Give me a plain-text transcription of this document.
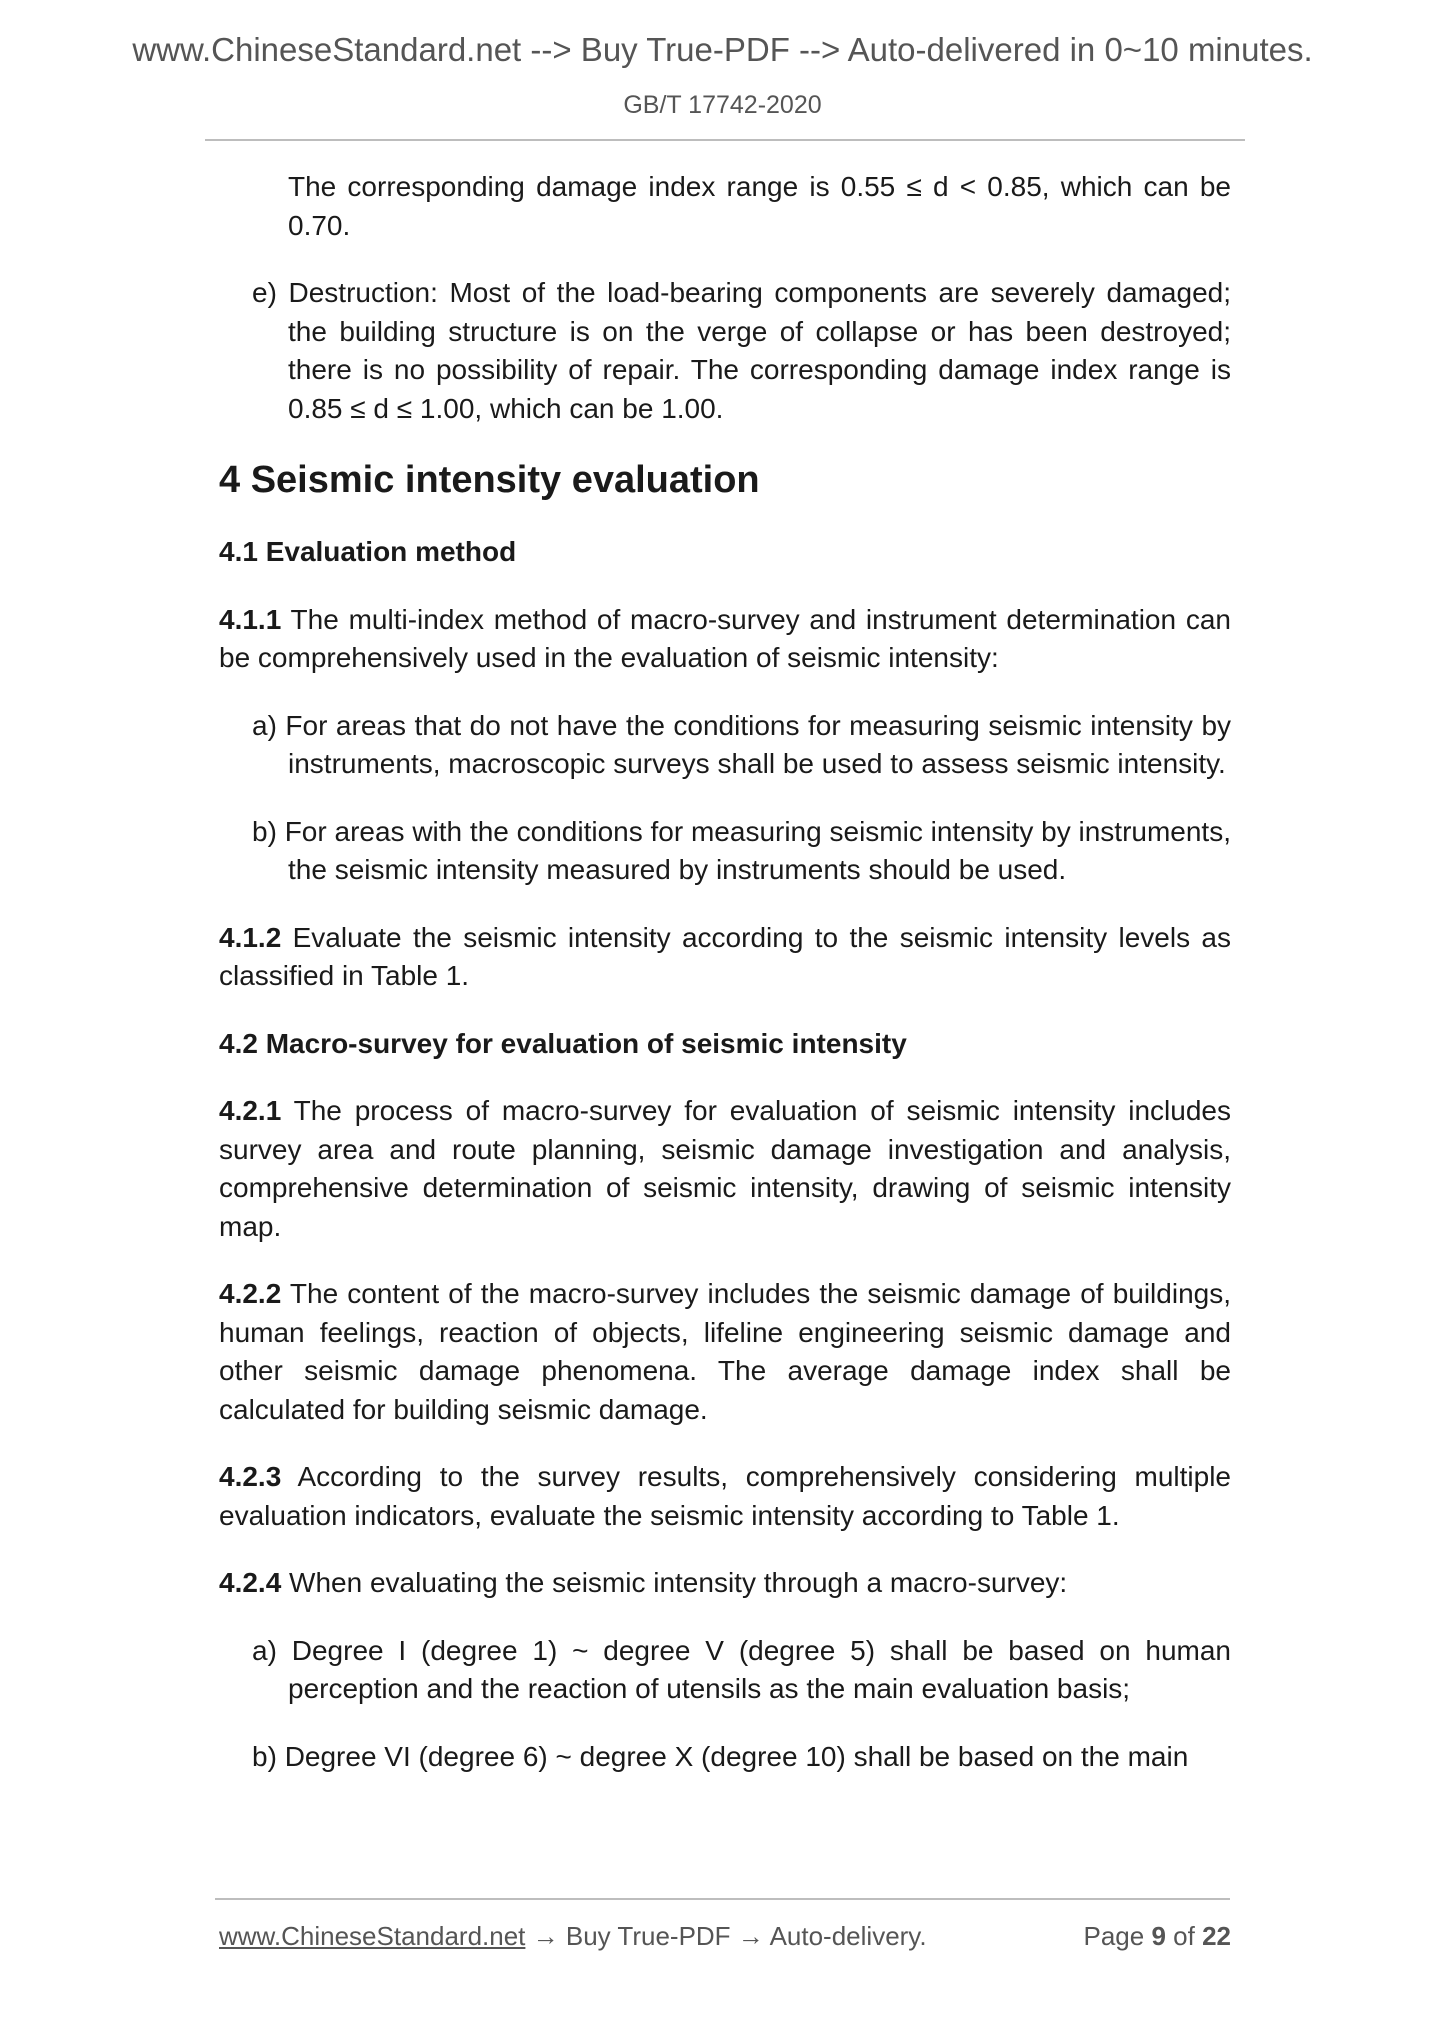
www.ChineseStandard.net --> Buy True-PDF --> Auto-delivered in 0~10 minutes.
GB/T 17742-2020

The corresponding damage index range is 0.55 ≤ d < 0.85, which can be 0.70.

e) Destruction: Most of the load-bearing components are severely damaged; the building structure is on the verge of collapse or has been destroyed; there is no possibility of repair. The corresponding damage index range is 0.85 ≤ d ≤ 1.00, which can be 1.00.

4 Seismic intensity evaluation
4.1 Evaluation method

4.1.1 The multi-index method of macro-survey and instrument determination can be comprehensively used in the evaluation of seismic intensity:

a) For areas that do not have the conditions for measuring seismic intensity by instruments, macroscopic surveys shall be used to assess seismic intensity.

b) For areas with the conditions for measuring seismic intensity by instruments, the seismic intensity measured by instruments should be used.

4.1.2 Evaluate the seismic intensity according to the seismic intensity levels as classified in Table 1.

4.2 Macro-survey for evaluation of seismic intensity

4.2.1 The process of macro-survey for evaluation of seismic intensity includes survey area and route planning, seismic damage investigation and analysis, comprehensive determination of seismic intensity, drawing of seismic intensity map.

4.2.2 The content of the macro-survey includes the seismic damage of buildings, human feelings, reaction of objects, lifeline engineering seismic damage and other seismic damage phenomena. The average damage index shall be calculated for building seismic damage.

4.2.3 According to the survey results, comprehensively considering multiple evaluation indicators, evaluate the seismic intensity according to Table 1.

4.2.4 When evaluating the seismic intensity through a macro-survey:

a) Degree I (degree 1) ~ degree V (degree 5) shall be based on human perception and the reaction of utensils as the main evaluation basis;

b) Degree VI (degree 6) ~ degree X (degree 10) shall be based on the main

www.ChineseStandard.net → Buy True-PDF → Auto-delivery.	Page 9 of 22
